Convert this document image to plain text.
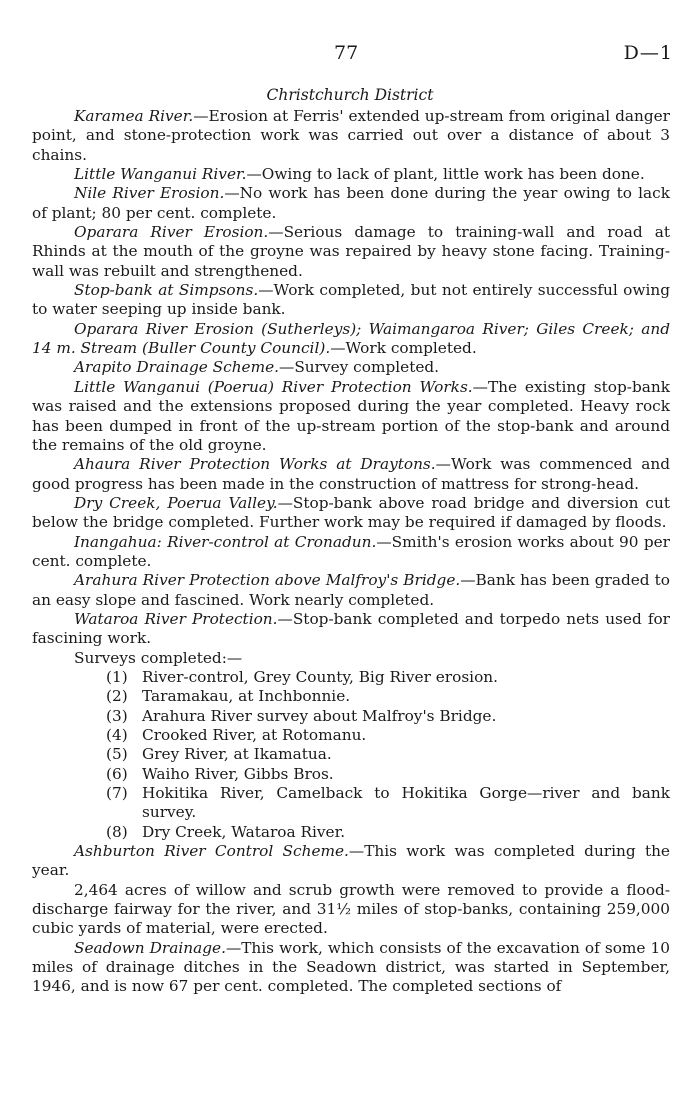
77	D—1
Christchurch District

Karamea River.—Erosion at Ferris' extended up-stream from original danger point, and stone-protection work was carried out over a distance of about 3 chains.

Little Wanganui River.—Owing to lack of plant, little work has been done.

Nile River Erosion.—No work has been done during the year owing to lack of plant; 80 per cent. complete.

Oparara River Erosion.—Serious damage to training-wall and road at Rhinds at the mouth of the groyne was repaired by heavy stone facing. Training-wall was rebuilt and strengthened.

Stop-bank at Simpsons.—Work completed, but not entirely successful owing to water seeping up inside bank.

Oparara River Erosion (Sutherleys); Waimangaroa River; Giles Creek; and 14 m. Stream (Buller County Council).—Work completed.

Arapito Drainage Scheme.—Survey completed.

Little Wanganui (Poerua) River Protection Works.—The existing stop-bank was raised and the extensions proposed during the year completed. Heavy rock has been dumped in front of the up-stream portion of the stop-bank and around the remains of the old groyne.

Ahaura River Protection Works at Draytons.—Work was commenced and good progress has been made in the construction of mattress for strong-head.

Dry Creek, Poerua Valley.—Stop-bank above road bridge and diversion cut below the bridge completed. Further work may be required if damaged by floods.

Inangahua: River-control at Cronadun.—Smith's erosion works about 90 per cent. complete.

Arahura River Protection above Malfroy's Bridge.—Bank has been graded to an easy slope and fascined. Work nearly completed.

Wataroa River Protection.—Stop-bank completed and torpedo nets used for fascining work.

Surveys completed:—
(1) River-control, Grey County, Big River erosion.
(2) Taramakau, at Inchbonnie.
(3) Arahura River survey about Malfroy's Bridge.
(4) Crooked River, at Rotomanu.
(5) Grey River, at Ikamatua.
(6) Waiho River, Gibbs Bros.
(7) Hokitika River, Camelback to Hokitika Gorge—river and bank survey.
(8) Dry Creek, Wataroa River.

Ashburton River Control Scheme.—This work was completed during the year.

2,464 acres of willow and scrub growth were removed to provide a flood-discharge fairway for the river, and 31½ miles of stop-banks, containing 259,000 cubic yards of material, were erected.

Seadown Drainage.—This work, which consists of the excavation of some 10 miles of drainage ditches in the Seadown district, was started in September, 1946, and is now 67 per cent. completed. The completed sections of
